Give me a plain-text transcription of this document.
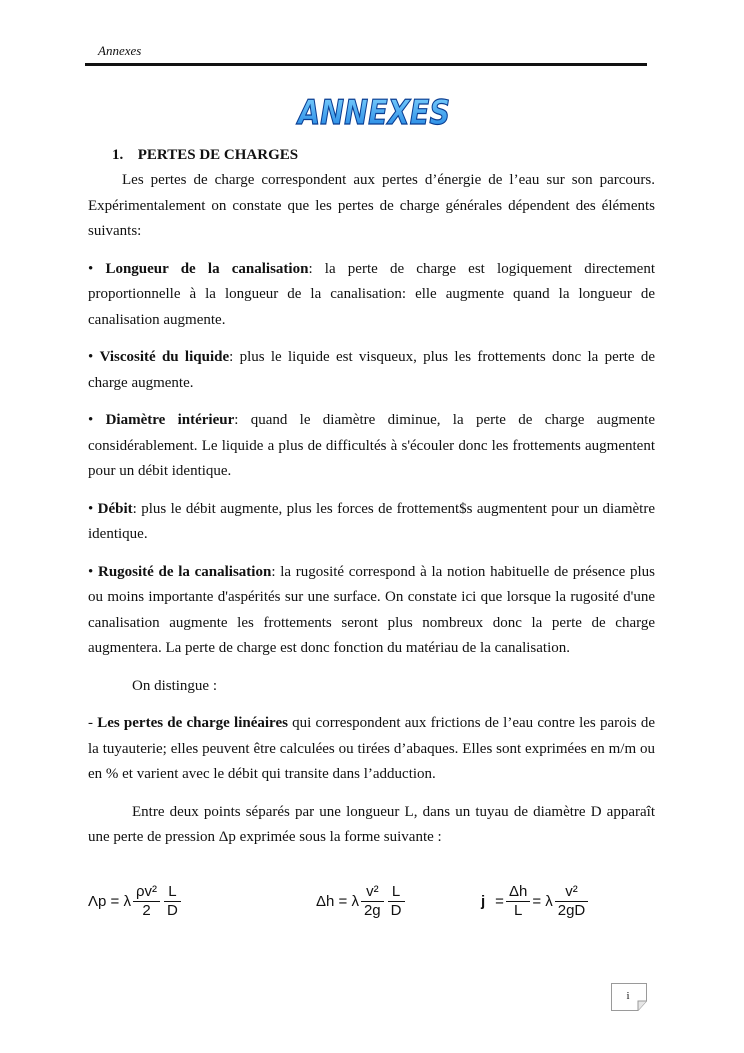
Annexes
ANNEXES
1. PERTES DE CHARGES

Les pertes de charge correspondent aux pertes d’énergie de l’eau sur son parcours. Expérimentalement on constate que les pertes de charge générales dépendent des éléments suivants:

• Longueur de la canalisation: la perte de charge est logiquement directement proportionnelle à la longueur de la canalisation: elle augmente quand la longueur de canalisation augmente.

• Viscosité du liquide: plus le liquide est visqueux, plus les frottements donc la perte de charge augmente.

• Diamètre intérieur: quand le diamètre diminue, la perte de charge augmente considérablement. Le liquide a plus de difficultés à s'écouler donc les frottements augmentent pour un débit identique.

• Débit: plus le débit augmente, plus les forces de frottement$s augmentent pour un diamètre identique.

• Rugosité de la canalisation: la rugosité correspond à la notion habituelle de présence plus ou moins importante d'aspérités sur une surface. On constate ici que lorsque la rugosité d'une canalisation augmente les frottements seront plus nombreux donc la perte de charge augmentera. La perte de charge est donc fonction du matériau de la canalisation.

On distingue :

- Les pertes de charge linéaires qui correspondent aux frictions de l’eau contre les parois de la tuyauterie; elles peuvent être calculées ou tirées d’abaques. Elles sont exprimées en m/m ou en % et varient avec le débit qui transite dans l’adduction.

Entre deux points séparés par une longueur L, dans un tuyau de diamètre D apparaît une perte de pression Δp exprimée sous la forme suivante :

Λp = λ $\frac{\text{ρv²}}{2} \frac{L}{D}$	Δh = λ $\frac{\text{v²}}{2g} \frac{L}{D}$	$j = \frac{\Delta h}{L} = \lambda \frac{\text{v²}}{2gD}$
i
